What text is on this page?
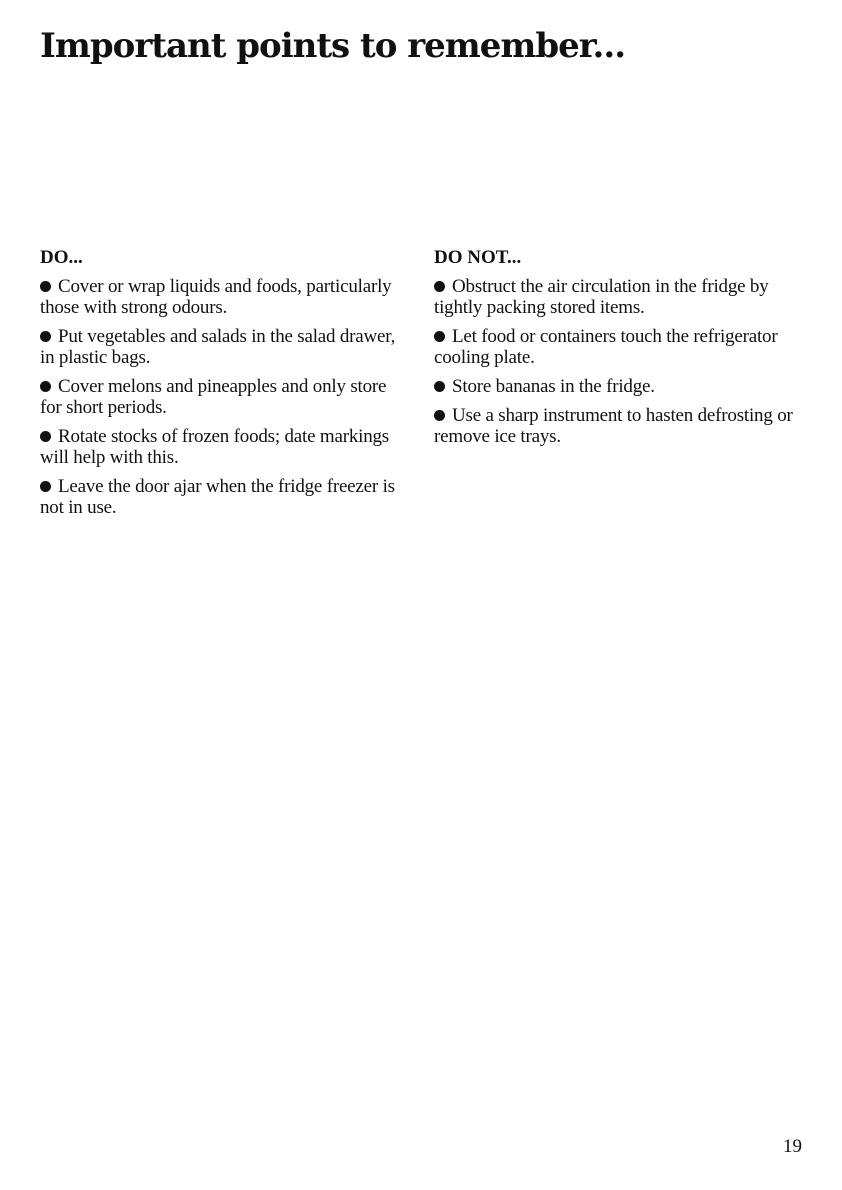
Important points to remember...
DO...
Cover or wrap liquids and foods, particularly those with strong odours.
Put vegetables and salads in the salad drawer, in plastic bags.
Cover melons and pineapples and only store for short periods.
Rotate stocks of frozen foods; date markings will help with this.
Leave the door ajar when the fridge freezer is not in use.
DO NOT...
Obstruct the air circulation in the fridge by tightly packing stored items.
Let food or containers touch the refrigerator cooling plate.
Store bananas in the fridge.
Use a sharp instrument to hasten defrosting or remove ice trays.
19
